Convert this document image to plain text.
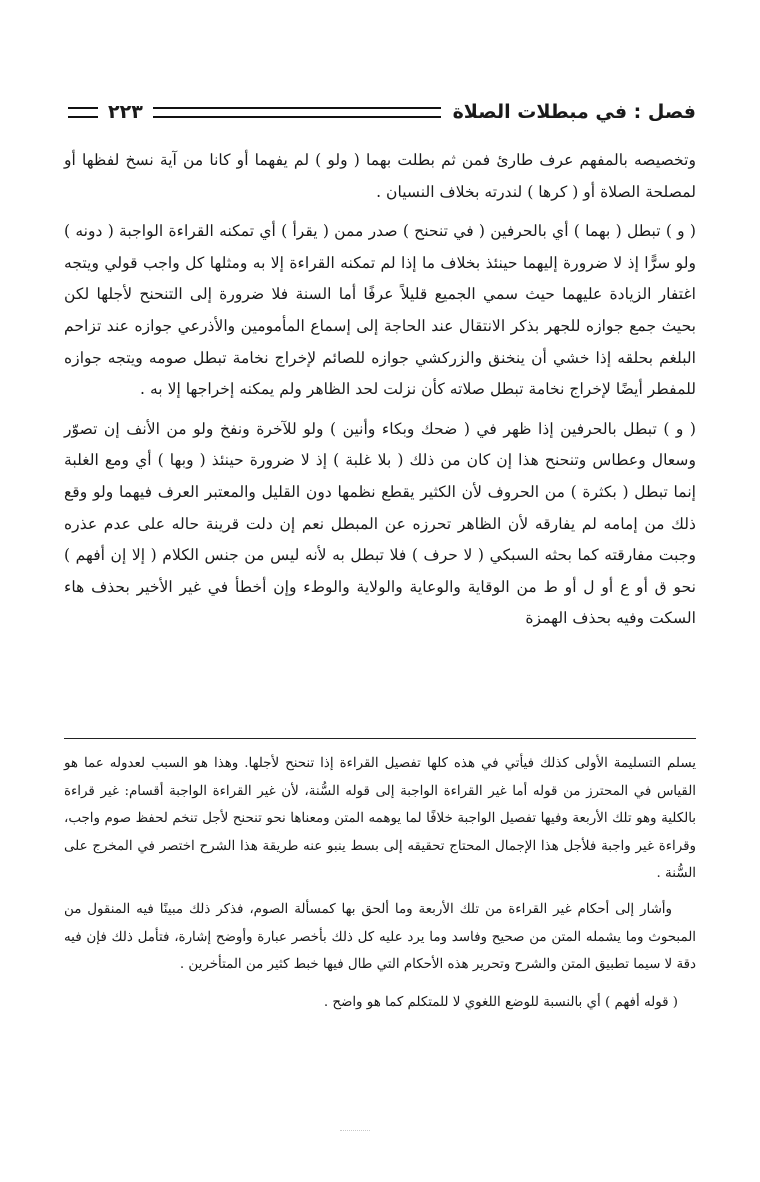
فصل : في مبطلات الصلاة
٢٢٣

وتخصيصه بالمفهم عرف طارئ فمن ثم بطلت بهما ( ولو ) لم يفهما أو كانا من آية نسخ لفظها أو لمصلحة الصلاة أو ( كرها ) لندرته بخلاف النسيان .

( و ) تبطل ( بهما ) أي بالحرفين ( في تنحنح ) صدر ممن ( يقرأ ) أي تمكنه القراءة الواجبة ( دونه ) ولو سرًّا إذ لا ضرورة إليهما حينئذ بخلاف ما إذا لم تمكنه القراءة إلا به ومثلها كل واجب قولي ويتجه اغتفار الزيادة عليهما حيث سمي الجميع قليلاً عرفًا أما السنة فلا ضرورة إلى التنحنح لأجلها لكن بحيث جمع جوازه للجهر بذكر الانتقال عند الحاجة إلى إسماع المأمومين والأذرعي جوازه عند تزاحم البلغم بحلقه إذا خشي أن ينخنق والزركشي جوازه للصائم لإخراج نخامة تبطل صومه ويتجه جوازه للمفطر أيضًا لإخراج نخامة تبطل صلاته كأن نزلت لحد الظاهر ولم يمكنه إخراجها إلا به .

( و ) تبطل بالحرفين إذا ظهر في ( ضحك وبكاء وأنين ) ولو للآخرة ونفخ ولو من الأنف إن تصوّر وسعال وعطاس وتنحنح هذا إن كان من ذلك ( بلا غلبة ) إذ لا ضرورة حينئذ ( وبها ) أي ومع الغلبة إنما تبطل ( بكثرة ) من الحروف لأن الكثير يقطع نظمها دون القليل والمعتبر العرف فيهما ولو وقع ذلك من إمامه لم يفارقه لأن الظاهر تحرزه عن المبطل نعم إن دلت قرينة حاله على عدم عذره وجبت مفارقته كما بحثه السبكي ( لا حرف ) فلا تبطل به لأنه ليس من جنس الكلام ( إلا إن أفهم ) نحو ق أو ع أو ل أو ط من الوقاية والوعاية والولاية والوطء وإن أخطأ في غير الأخير بحذف هاء السكت وفيه بحذف الهمزة

يسلم التسليمة الأولى كذلك فيأتي في هذه كلها تفصيل القراءة إذا تنحنح لأجلها. وهذا هو السبب لعدوله عما هو القياس في المحترز من قوله أما غير القراءة الواجبة إلى قوله السُّنة، لأن غير القراءة الواجبة أقسام: غير قراءة بالكلية وهو تلك الأربعة وفيها تفصيل الواجبة خلافًا لما يوهمه المتن ومعناها نحو تنحنح لأجل تنخم لحفظ صوم واجب، وقراءة غير واجبة فلأجل هذا الإجمال المحتاج تحقيقه إلى بسط ينبو عنه طريقة هذا الشرح اختصر في المخرج على السُّنة .

وأشار إلى أحكام غير القراءة من تلك الأربعة وما ألحق بها كمسألة الصوم، فذكر ذلك مبينًا فيه المنقول من المبحوث وما يشمله المتن من صحيح وفاسد وما يرد عليه كل ذلك بأخصر عبارة وأوضح إشارة، فتأمل ذلك فإن فيه دقة لا سيما تطبيق المتن والشرح وتحرير هذه الأحكام التي طال فيها خبط كثير من المتأخرين .

( قوله أفهم ) أي بالنسبة للوضع اللغوي لا للمتكلم كما هو واضح .
